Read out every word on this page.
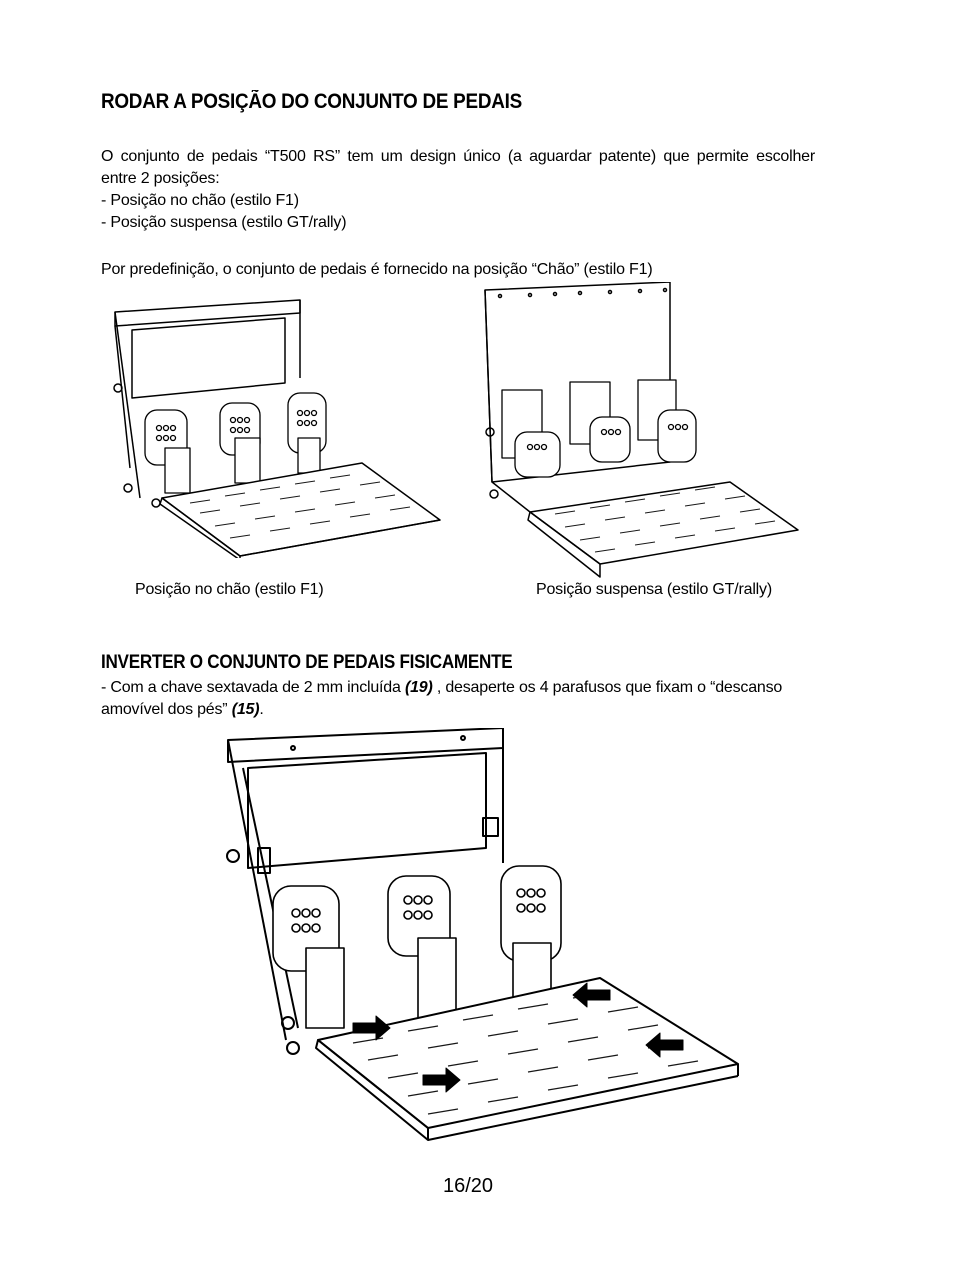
RODAR A POSIÇÃO DO CONJUNTO DE PEDAIS

O conjunto de pedais “T500 RS” tem um design único (a aguardar patente) que permite escolher
entre 2 posições:
- Posição no chão (estilo F1)
- Posição suspensa (estilo GT/rally)

Por predefinição, o conjunto de pedais é fornecido na posição “Chão” (estilo F1)

Posição no chão (estilo F1)	Posição suspensa (estilo GT/rally)
INVERTER O CONJUNTO DE PEDAIS FISICAMENTE

- Com a chave sextavada de 2 mm incluída (19) , desaperte os 4 parafusos que fixam o “descanso
amovível dos pés” (15).

16/20
